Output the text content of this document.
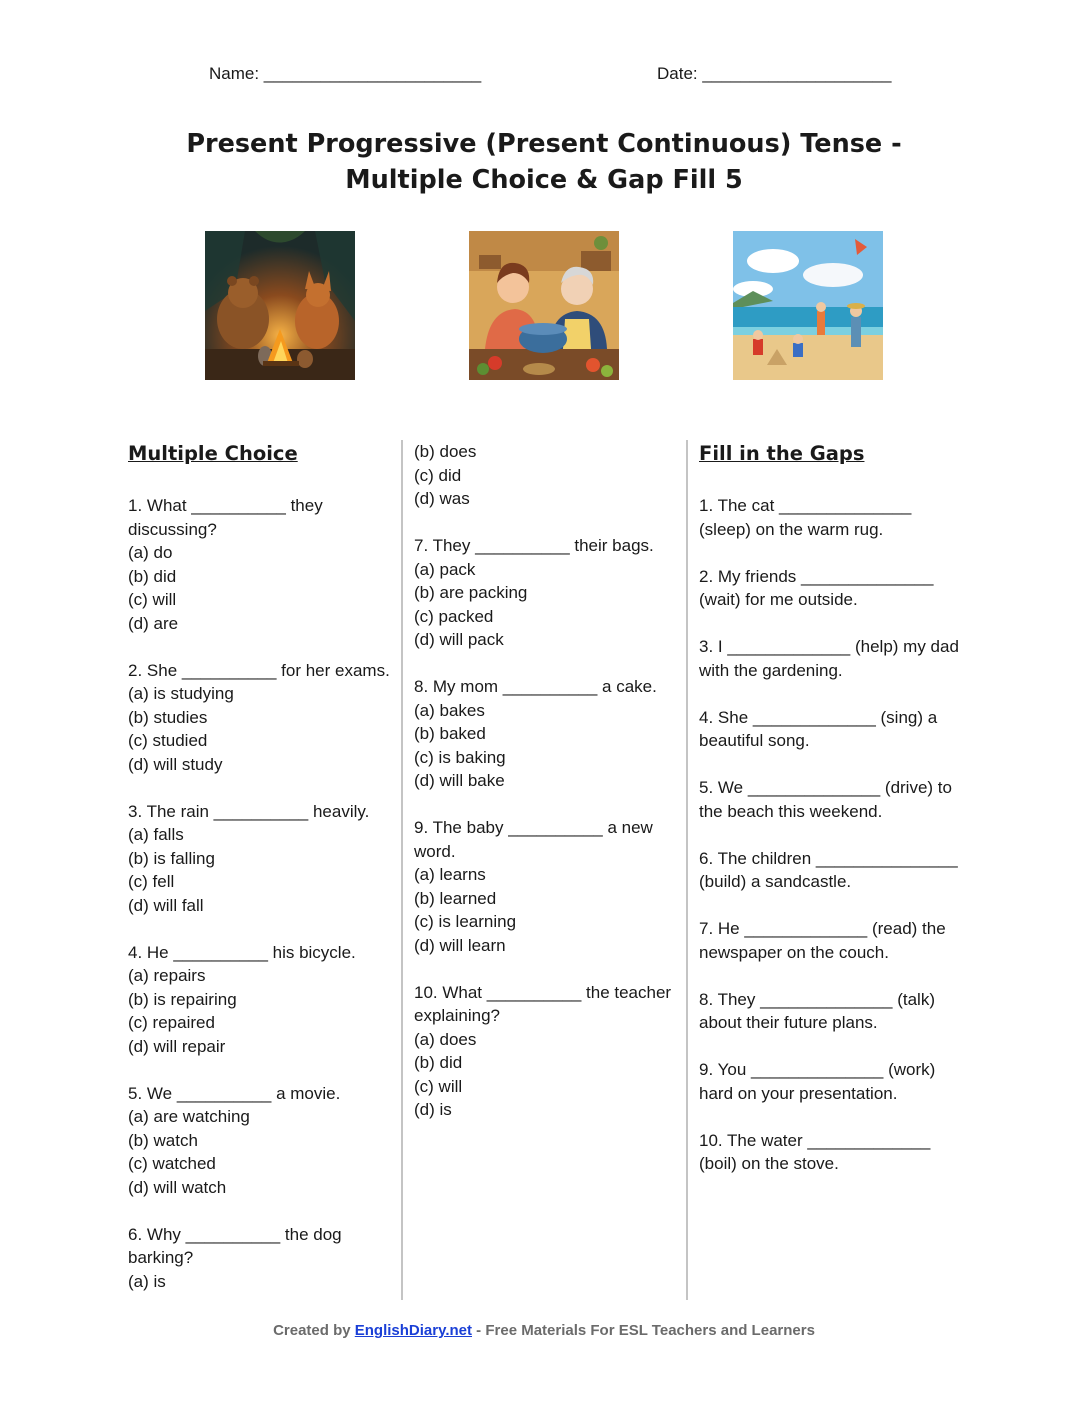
Name: _______________________	Date: ____________________
Present Progressive (Present Continuous) Tense - Multiple Choice & Gap Fill 5
Multiple Choice
1. What __________ they discussing?
(a) do
(b) did
(c) will
(d) are
2. She __________ for her exams.
(a) is studying
(b) studies
(c) studied
(d) will study
3. The rain __________ heavily.
(a) falls
(b) is falling
(c) fell
(d) will fall
4. He __________ his bicycle.
(a) repairs
(b) is repairing
(c) repaired
(d) will repair
5. We __________ a movie.
(a) are watching
(b) watch
(c) watched
(d) will watch
6. Why __________ the dog barking?
(a) is
(b) does
(c) did
(d) was
7. They __________ their bags.
(a) pack
(b) are packing
(c) packed
(d) will pack
8. My mom __________ a cake.
(a) bakes
(b) baked
(c) is baking
(d) will bake
9. The baby __________ a new word.
(a) learns
(b) learned
(c) is learning
(d) will learn
10. What __________ the teacher explaining?
(a) does
(b) did
(c) will
(d) is
Fill in the Gaps
1. The cat ______________ (sleep) on the warm rug.
2. My friends ______________ (wait) for me outside.
3. I _____________ (help) my dad with the gardening.
4. She _____________ (sing) a beautiful song.
5. We ______________ (drive) to the beach this weekend.
6. The children _______________ (build) a sandcastle.
7. He _____________ (read) the newspaper on the couch.
8. They ______________ (talk) about their future plans.
9. You ______________ (work) hard on your presentation.
10. The water _____________ (boil) on the stove.
Created by EnglishDiary.net - Free Materials For ESL Teachers and Learners
